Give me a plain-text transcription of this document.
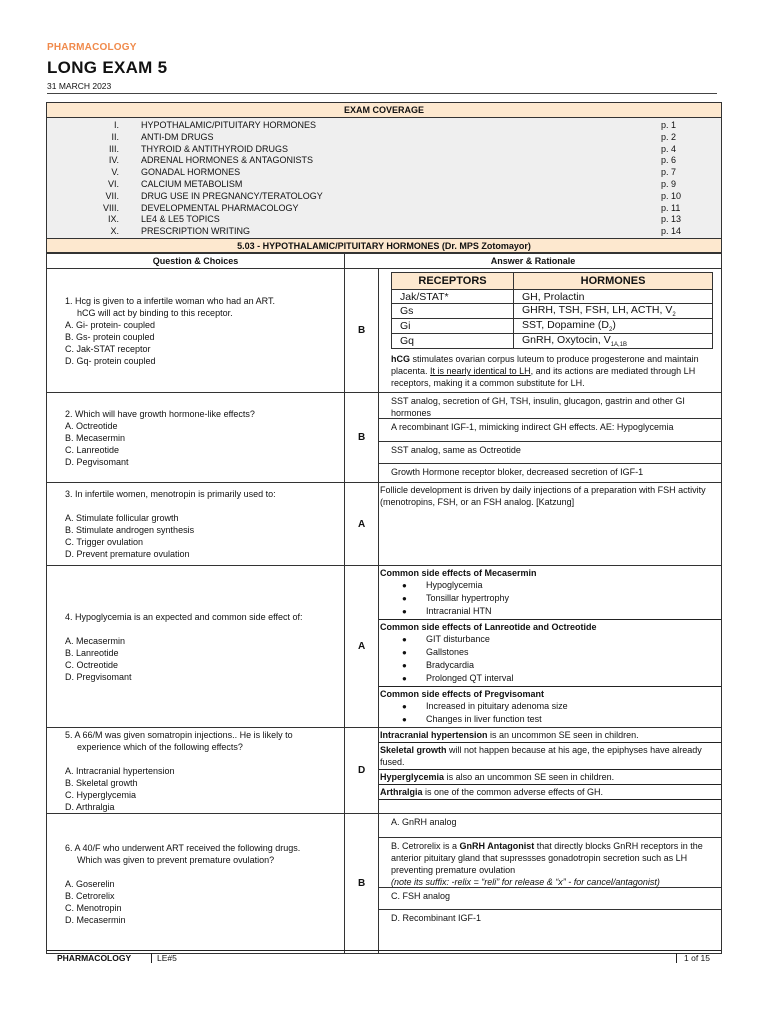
PHARMACOLOGY
LONG EXAM 5
31 MARCH 2023
EXAM COVERAGE
I.	HYPOTHALAMIC/PITUITARY HORMONES	p. 1
II.	ANTI-DM DRUGS	p. 2
III.	THYROID & ANTITHYROID DRUGS	p. 4
IV.	ADRENAL HORMONES & ANTAGONISTS	p. 6
V.	GONADAL HORMONES	p. 7
VI.	CALCIUM METABOLISM	p. 9
VII.	DRUG USE IN PREGNANCY/TERATOLOGY	p. 10
VIII.	DEVELOPMENTAL PHARMACOLOGY	p. 11
IX.	LE4 & LE5 TOPICS	p. 13
X.	PRESCRIPTION WRITING	p. 14
5.03 - HYPOTHALAMIC/PITUITARY HORMONES (Dr. MPS Zotomayor)
Question & Choices	Answer & Rationale

1. Hcg is given to a infertile woman who had an ART.
hCG will act by binding to this receptor.
A. Gi- protein- coupled
B. Gs- protein coupled
C. Jak-STAT receptor
D. Gq- protein coupled
	B	
RECEPTORS	HORMONES
Jak/STAT*	GH, Prolactin
Gs	GHRH, TSH, FSH, LH, ACTH, $V_2$
Gi	SST, Dopamine $(D_2)$
Gq	GnRH, Oxytocin, $V_{1A,1B}$
hCG stimulates ovarian corpus luteum to produce progesterone and maintain placenta. It is nearly identical to LH, and its actions are mediated through LH receptors, making it a common substitute for LH.

2. Which will have growth hormone-like effects?
A. Octreotide
B. Mecasermin
C. Lanreotide
D. Pegvisomant
	B	
SST analog, secretion of GH, TSH, insulin, glucagon, gastrin and other GI hormones
A recombinant IGF-1, mimicking indirect GH effects. AE: Hypoglycemia
SST analog, same as Octreotide
Growth Hormone receptor bloker, decreased secretion of IGF-1

3. In infertile women, menotropin is primarily used to:
A. Stimulate follicular growth
B. Stimulate androgen synthesis
C. Trigger ovulation
D. Prevent premature ovulation
	A	
Follicle development is driven by daily injections of a preparation with FSH activity (menotropins, FSH, or an FSH analog. [Katzung]

4. Hypoglycemia is an expected and common side effect of:
A. Mecasermin
B. Lanreotide
C. Octreotide
D. Pregvisomant
	A	
Common side effects of Mecasermin
● Hypoglycemia
● Tonsillar hypertrophy
● Intracranial HTN
Common side effects of Lanreotide and Octreotide
● GIT disturbance
● Gallstones
● Bradycardia
● Prolonged QT interval
Common side effects of Pregvisomant
● Increased in pituitary adenoma size
● Changes in liver function test

5. A 66/M was given somatropin injections.. He is likely to
experience which of the following effects?
A. Intracranial hypertension
B. Skeletal growth
C. Hyperglycemia
D. Arthralgia
	D	
Intracranial hypertension is an uncommon SE seen in children.
Skeletal growth will not happen because at his age, the epiphyses have already fused.
Hyperglycemia is also an uncommon SE seen in children.
Arthralgia is one of the common adverse effects of GH.

6. A 40/F who underwent ART received the following drugs.
Which was given to prevent premature ovulation?
A. Goserelin
B. Cetrorelix
C. Menotropin
D. Mecasermin
	B	
A. GnRH analog
B. Cetrorelix is a GnRH Antagonist that directly blocks GnRH receptors in the anterior pituitary gland that supressses gonadotropin secretion such as LH preventing premature ovulation
(note its suffix: -relix = “reli” for release & “x” - for cancel/antagonist)
C. FSH analog
D. Recombinant IGF-1
PHARMACOLOGY	LE#5	1 of 15
